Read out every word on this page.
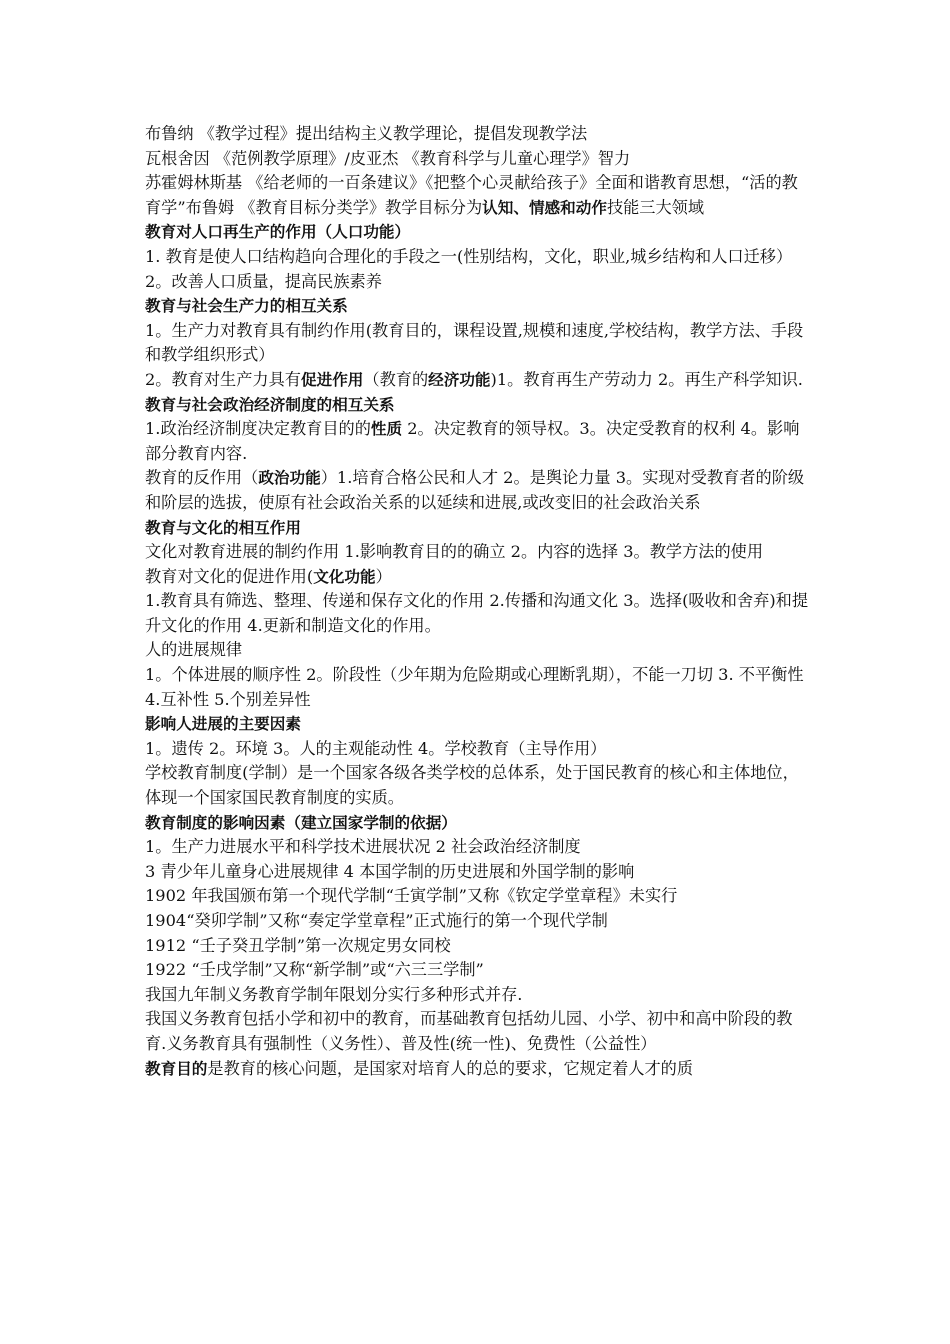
布鲁纳 《教学过程》提出结构主义教学理论，提倡发现教学法

瓦根舍因 《范例教学原理》/皮亚杰 《教育科学与儿童心理学》智力

苏霍姆林斯基 《给老师的一百条建议》《把整个心灵献给孩子》全面和谐教育思想，“活的教育学”布鲁姆 《教育目标分类学》教学目标分为认知、情感和动作技能三大领域

教育对人口再生产的作用（人口功能）

1. 教育是使人口结构趋向合理化的手段之一(性别结构，文化，职业,城乡结构和人口迁移）2。改善人口质量，提高民族素养

教育与社会生产力的相互关系

1。生产力对教育具有制约作用(教育目的，课程设置,规模和速度,学校结构，教学方法、手段和教学组织形式）

2。教育对生产力具有促进作用（教育的经济功能)1。教育再生产劳动力 2。再生产科学知识.

教育与社会政治经济制度的相互关系

1.政治经济制度决定教育目的的性质 2。决定教育的领导权。3。决定受教育的权利 4。影响部分教育内容.

教育的反作用（政治功能）1.培育合格公民和人才 2。是舆论力量 3。实现对受教育者的阶级和阶层的选拔，使原有社会政治关系的以延续和进展,或改变旧的社会政治关系

教育与文化的相互作用

文化对教育进展的制约作用 1.影响教育目的的确立 2。内容的选择 3。教学方法的使用

教育对文化的促进作用(文化功能）

1.教育具有筛选、整理、传递和保存文化的作用 2.传播和沟通文化 3。选择(吸收和舍弃)和提升文化的作用 4.更新和制造文化的作用。

人的进展规律

1。个体进展的顺序性 2。阶段性（少年期为危险期或心理断乳期），不能一刀切 3. 不平衡性 4.互补性 5.个别差异性

影响人进展的主要因素

1。遗传 2。环境 3。人的主观能动性 4。学校教育（主导作用）

学校教育制度(学制）是一个国家各级各类学校的总体系，处于国民教育的核心和主体地位，体现一个国家国民教育制度的实质。

教育制度的影响因素（建立国家学制的依据）

1。生产力进展水平和科学技术进展状况 2 社会政治经济制度

3 青少年儿童身心进展规律 4 本国学制的历史进展和外国学制的影响

1902 年我国颁布第一个现代学制“壬寅学制”又称《钦定学堂章程》未实行

1904“癸卯学制”又称“奏定学堂章程”正式施行的第一个现代学制

1912 “壬子癸丑学制”第一次规定男女同校

1922 “壬戌学制”又称“新学制”或“六三三学制”

我国九年制义务教育学制年限划分实行多种形式并存.

我国义务教育包括小学和初中的教育，而基础教育包括幼儿园、小学、初中和高中阶段的教育.义务教育具有强制性（义务性）、普及性(统一性)、免费性（公益性）

教育目的是教育的核心问题，是国家对培育人的总的要求，它规定着人才的质
